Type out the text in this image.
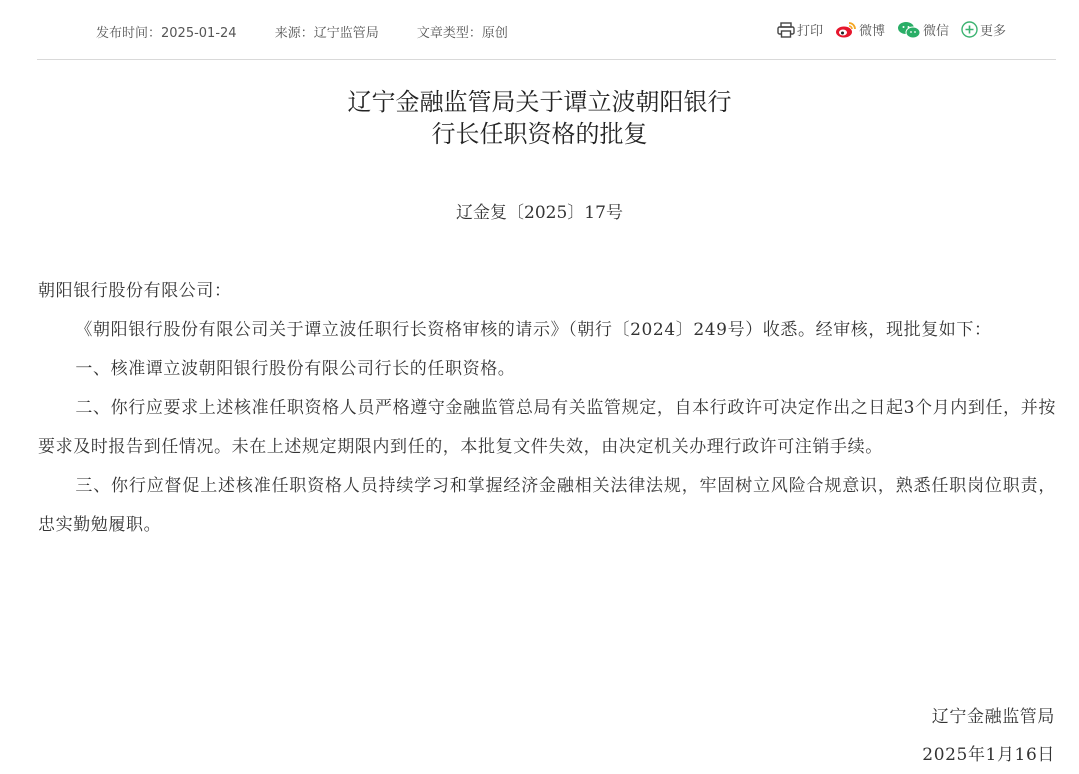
发布时间：2025-01-24	来源：辽宁监管局	文章类型：原创	打印	微博	微信 更多
辽宁金融监管局关于谭立波朝阳银行
行长任职资格的批复
辽金复〔2025〕17号

朝阳银行股份有限公司：

《朝阳银行股份有限公司关于谭立波任职行长资格审核的请示》（朝行〔2024〕249号）收悉。经审核，现批复如下：

一、核准谭立波朝阳银行股份有限公司行长的任职资格。

二、你行应要求上述核准任职资格人员严格遵守金融监管总局有关监管规定，自本行政许可决定作出之日起3个月内到任，并按要求及时报告到任情况。未在上述规定期限内到任的，本批复文件失效，由决定机关办理行政许可注销手续。

三、你行应督促上述核准任职资格人员持续学习和掌握经济金融相关法律法规，牢固树立风险合规意识，熟悉任职岗位职责，忠实勤勉履职。

辽宁金融监管局
2025年1月16日
